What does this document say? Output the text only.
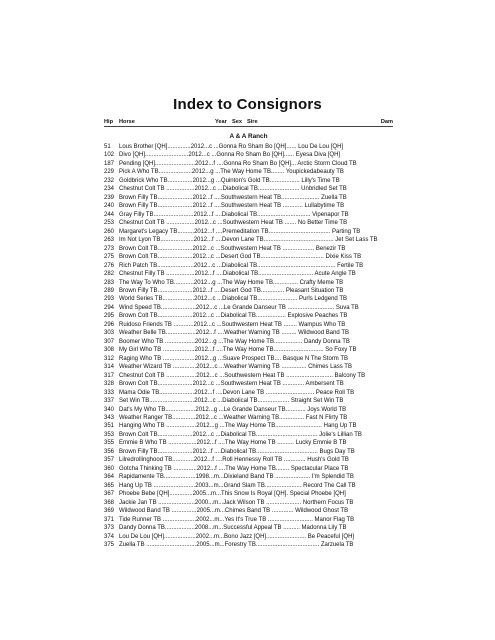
Index to Consignors
Hip Horse	Year Sex Sire	Dam
A & A Ranch
51 Lous Brother [QH]..............2012...c ...Gonna Ro Sham Bo [QH]...... Lou De Lou [QH]
102 Divo [QH]..........................2012...c ...Gonna Ro Sham Bo [QH]...... Eyesa Diva [QH]
187 Pending [QH]........................2012...f ....Gonna Ro Sham Bo [QH]... Arctic Storm Cloud TB
229 Pick A Who TB....................2012...g ...The Way Home TB........ Youpickedabeauty TB
232 Goldbrick Who TB...............2012...g ...Quinton's Gold TB.................. Lilly's Time TB
234 Chestnut Colt TB .................2012...c ...Diabolical TB......................... Unbridled Set TB
239 Brown Filly TB.....................2012...f ....Southwestern Heat TB....................... Zuella TB
240 Brown Filly TB.....................2012...f ....Southwestern Heat TB ............ Lullabytime TB
244 Gray Filly TB........................2012...f ....Diabolical TB................................ Vipenapor TB
253 Chestnut Colt TB .................2012...c ...Southwestern Heat TB ....... No Better Time TB
260 Margaret's Legacy TB..........2012...f ....Premeditation TB..................................... Parting TB
263 Im Not Lyon TB....................2012...f ....Devon Lane TB.......................................... Jet Set Lass TB
273 Brown Colt TB.....................2012...c ...Southwestern Heat TB ................... Benezir TB
275 Brown Colt TB.....................2012...c ...Desert God TB...................................... Dixie Kiss TB
276 Rich Patch TB......................2012...c ...Diabolical TB............................................... Fertile TB
282 Chestnut Filly TB .................2012...f ....Diabolical TB................................. Acute Angle TB
283 The Way To Who TB............2012...g ...The Way Home TB............... Crafty Meme TB
289 Brown Filly TB.....................2012...f ....Desert God TB.............. Pleasant Situation TB
293 World Series TB...................2012...c ...Diabolical TB........................ Purls Ledgend TB
294 Wind Speed TB.....................2012...c ...Le Grande Danseur TB ............................ Suva TB
295 Brown Colt TB.....................2012...c ...Diabolical TB.................. Explosive Peaches TB
296 Ruidoso Friends TB ............2012...c ...Southwestern Heat TB ........ Wampus Who TB
303 Weather Belle TB..................2012...f ....Weather Warning TB ......... Wildwood Band TB
307 Boomer Who TB ..................2012...g ...The Way Home TB................. Dandy Donna TB
308 My Girl Who TB ...................2012...f ....The Way Home TB.............................. So Foxy TB
312 Raging Who TB ...................2012...g ...Suave Prospect TB.... Basque N The Storm TB
314 Weather Wizard TB ..............2012...c ...Weather Warning TB ............... Chimes Lass TB
317 Chestnut Colt TB ..................2012...c ...Southwestern Heat TB ............................ Balcony TB
328 Brown Colt TB.....................2012...c ...Southwestern Heat TB ............. Ambersent TB
333 Mama Odie TB.....................2012...f ....Devon Lane TB ............................. Peace Roll TB
337 Set Win TB...........................2012...c ...Diabolical TB................... Straight Set Win TB
340 Dat's My Who TB..................2012...g ...Le Grande Danseur TB............ Joys World TB
343 Weather Ranger TB..............2012...c ...Weather Warning TB............... Fast N Flirty TB
351 Hanging Who TB ..................2012...g ...The Way Home TB............................ Hang Up TB
353 Brown Colt TB.....................2012...c ...Diabolical TB..................................... Jolie's Lillian TB
355 Emmie B Who TB .................2012...f ....The Way Home TB .......... Lucky Emmie B TB
356 Brown Filly TB.....................2012...f ....Diabolical TB..................................... Bugs Day TB
357 Lilredrollinghood TB.............2012...f ....Roll Hennessy Roll TB ............. Hush's Gold TB
360 Gotcha Thinking TB ..............2012...f ....The Way Home TB........ Spectacular Place TB
364 Rapidamente TB...................1998...m...Dixieland Band TB ..................... I'm Splendid TB
365 Hang Up TB .........................2003...m...Grand Slam TB...................... Record The Call TB
367 Phoebe Bebe [QH]..............2005...m...This Snow Is Royal [QH]. Special Phoebe [QH]
368 Jackie Jan TB ......................2000...m...Jack Wilson TB ..................... Northern Focus TB
369 Wildwood Band TB ...............2005...m...Chimes Band TB ............. Wildwood Ghost TB
371 Tide Runner TB ....................2002...m...Yes It's True TB ........................... Manor Flag TB
373 Dandy Donna TB..................2008...m...Successful Appeal TB .......... Madonna Lily TB
374 Lou De Lou [QH]...................2002...m...Bono Jazz [QH]........................ Be Peaceful [QH]
375 Zuella TB ..............................2005...m...Forestry TB...................................... Zarzuela TB
